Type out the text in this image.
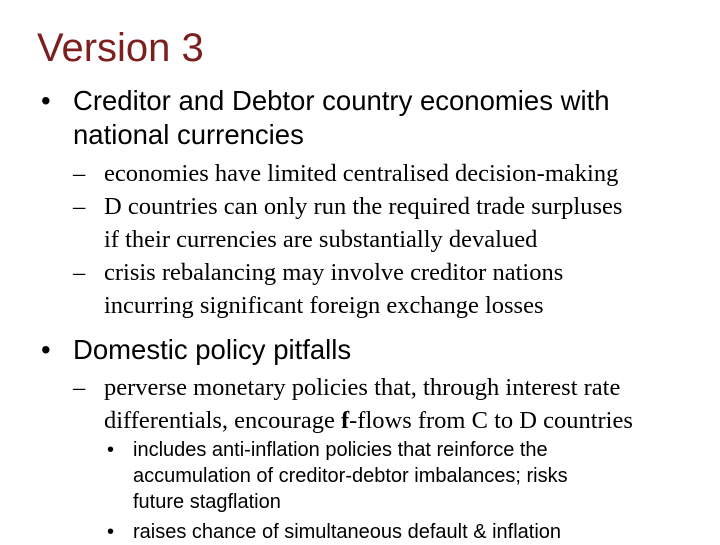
Version 3
• Creditor and Debtor country economies with
national currencies
– economies have limited centralised decision-making
– D countries can only run the required trade surpluses
if their currencies are substantially devalued
– crisis rebalancing may involve creditor nations
incurring significant foreign exchange losses
• Domestic policy pitfalls
– perverse monetary policies that, through interest rate
differentials, encourage f-flows from C to D countries
• includes anti-inflation policies that reinforce the
accumulation of creditor-debtor imbalances; risks
future stagflation
• raises chance of simultaneous default & inflation
